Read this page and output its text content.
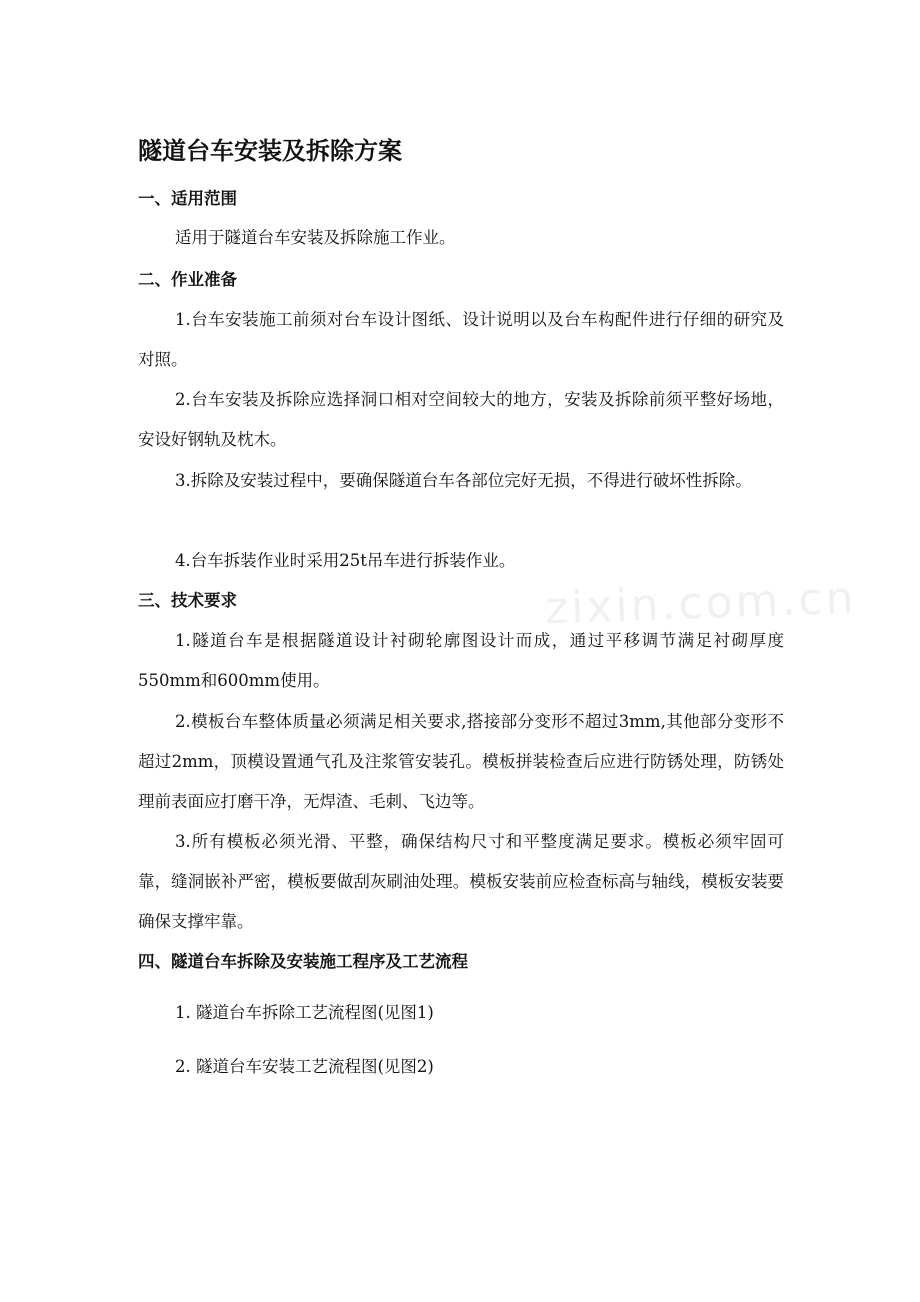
zixin.com.cn
隧道台车安装及拆除方案
一、适用范围
适用于隧道台车安装及拆除施工作业。
二、作业准备
1.台车安装施工前须对台车设计图纸、设计说明以及台车构配件进行仔细的研究及对照。
2.台车安装及拆除应选择洞口相对空间较大的地方，安装及拆除前须平整好场地，安设好钢轨及枕木。
3.拆除及安装过程中，要确保隧道台车各部位完好无损，不得进行破坏性拆除。
4.台车拆装作业时采用25t吊车进行拆装作业。
三、技术要求
1.隧道台车是根据隧道设计衬砌轮廓图设计而成，通过平移调节满足衬砌厚度550mm和600mm使用。
2.模板台车整体质量必须满足相关要求,搭接部分变形不超过3mm,其他部分变形不超过2mm，顶模设置通气孔及注浆管安装孔。模板拼装检查后应进行防锈处理，防锈处理前表面应打磨干净，无焊渣、毛刺、飞边等。
3.所有模板必须光滑、平整，确保结构尺寸和平整度满足要求。模板必须牢固可靠，缝洞嵌补严密，模板要做刮灰刷油处理。模板安装前应检查标高与轴线，模板安装要确保支撑牢靠。
四、隧道台车拆除及安装施工程序及工艺流程
1. 隧道台车拆除工艺流程图(见图1)
2. 隧道台车安装工艺流程图(见图2)
